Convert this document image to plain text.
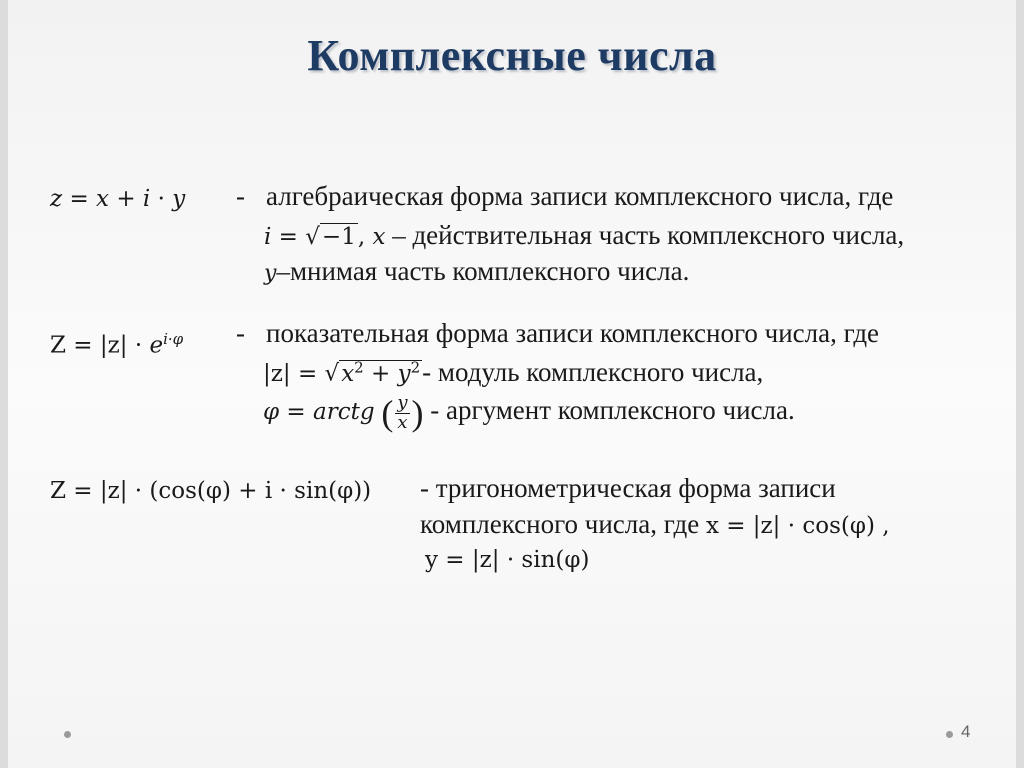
Комплексные числа
z = x + i · y - алгебраическая форма записи комплексного числа, где
i = √−1, x – действительная часть комплексного числа,
y–мнимая часть комплексного числа.
$Z = |z| \cdot e^{i\cdot\varphi}$ - показательная форма записи комплексного числа, где
$|z| = √x^2 + y^2-$ модуль комплексного числа,
φ = arctg ( $\frac{y}{x}$ ) - аргумент комплексного числа.
Z = |z| · (cos(φ) + i · sin(φ)) - тригонометрическая форма записи
комплексного числа, где x = |z| · cos(φ) ,
y = |z| · sin(φ)
4
